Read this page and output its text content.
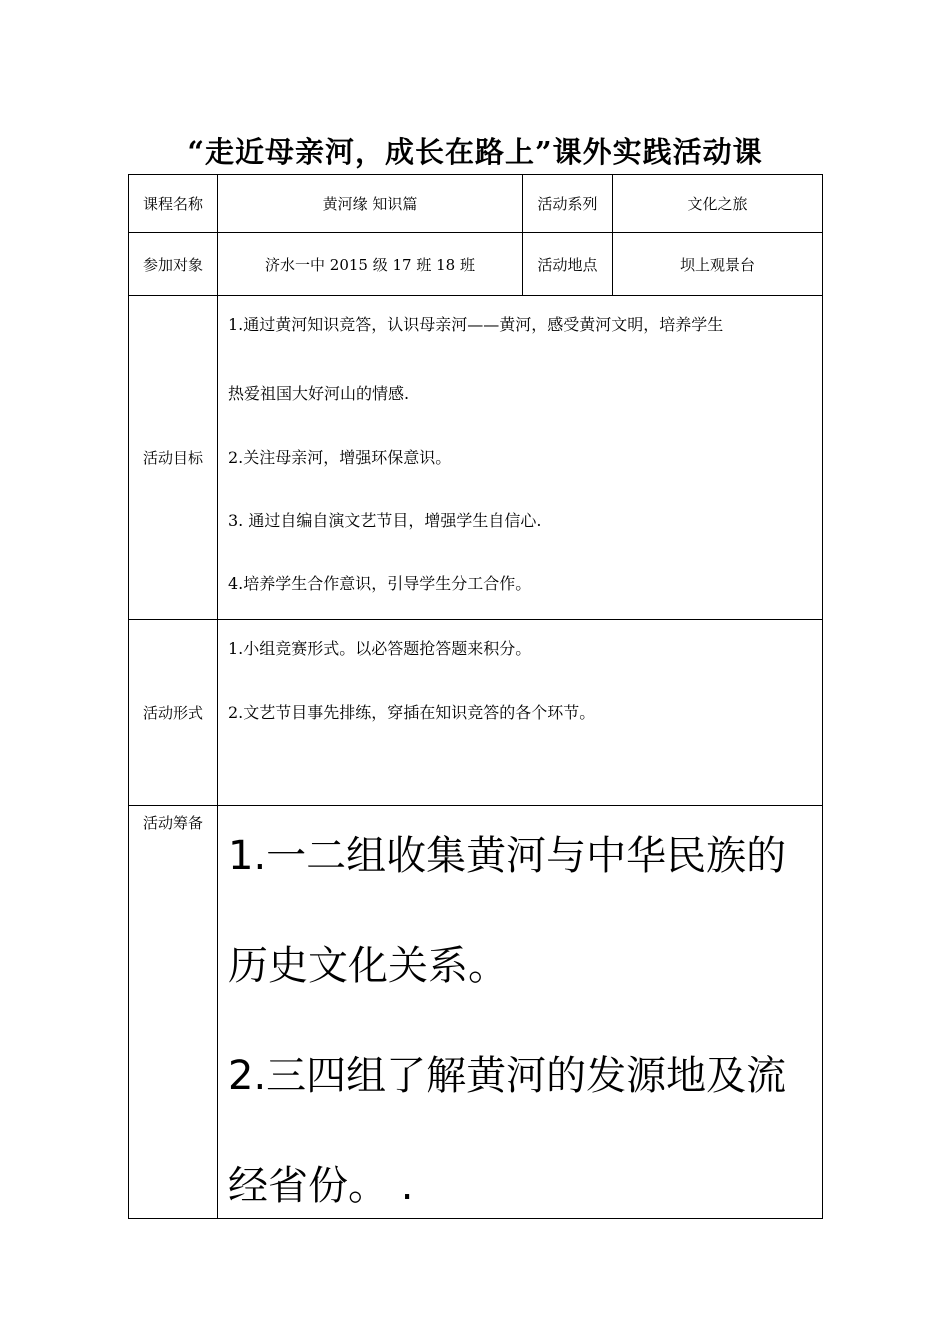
“走近母亲河，成长在路上”课外实践活动课
课程名称	黄河缘 知识篇	活动系列	文化之旅
参加对象	济水一中 2015 级 17 班 18 班	活动地点	坝上观景台
活动目标	1.通过黄河知识竞答，认识母亲河——黄河，感受黄河文明，培养学生

热爱祖国大好河山的情感.

2.关注母亲河，增强环保意识。

3. 通过自编自演文艺节目，增强学生自信心.

4.培养学生合作意识，引导学生分工合作。		

活动形式	1.小组竞赛形式。以必答题抢答题来积分。

2.文艺节目事先排练，穿插在知识竞答的各个环节。		

活动筹备	1.一二组收集黄河与中华民族的

历史文化关系。

2.三四组了解黄河的发源地及流

经省份。 .		
